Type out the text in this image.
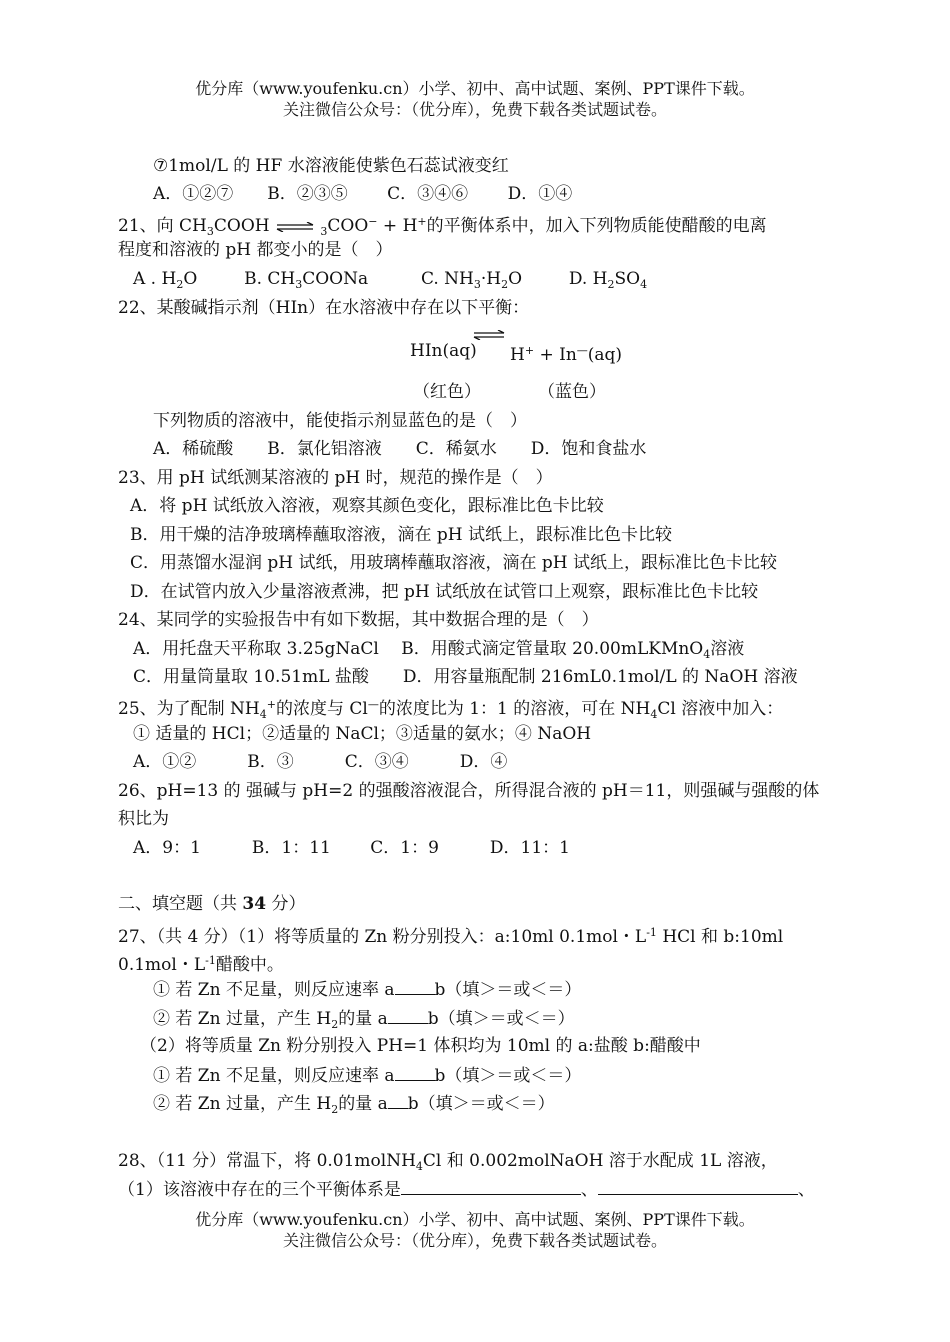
优分库（www.youfenku.cn）小学、初中、高中试题、案例、PPT课件下载。
关注微信公众号：（优分库），免费下载各类试题试卷。
⑦1mol/L 的 HF 水溶液能使紫色石蕊试液变红
A．①②⑦　　B．②③⑤　　 C．③④⑥　　 D．①④
21、向 $CH_3COOH$ ⇌ $_3$COO− + H+的平衡体系中，加入下列物质能使醋酸的电离
程度和溶液的 pH 都变小的是（　）
A . $H_2O$	B. $CH_3COONa$	C. $NH_3\cdot H_2O$	D. $H_2SO_4$
22、某酸碱指示剂（HIn）在水溶液中存在以下平衡：
HIn(aq) H+ + In—(aq)
（红色）	（蓝色）
下列物质的溶液中，能使指示剂显蓝色的是（　）
A．稀硫酸　　B．氯化铝溶液　　C．稀氨水　　D．饱和食盐水
23、用 pH 试纸测某溶液的 pH 时，规范的操作是（　）
A．将 pH 试纸放入溶液，观察其颜色变化，跟标准比色卡比较
B．用干燥的洁净玻璃棒蘸取溶液，滴在 pH 试纸上，跟标准比色卡比较
C．用蒸馏水湿润 pH 试纸，用玻璃棒蘸取溶液，滴在 pH 试纸上，跟标准比色卡比较
D．在试管内放入少量溶液煮沸，把 pH 试纸放在试管口上观察，跟标准比色卡比较
24、某同学的实验报告中有如下数据，其中数据合理的是（　）
A．用托盘天平称取 3.25gNaCl　 B．用酸式滴定管量取 20.00mLKMnO$_4$溶液
C．用量筒量取 10.51mL 盐酸　　D．用容量瓶配制 216mL0.1mol/L 的 NaOH 溶液
25、为了配制 $NH_4^+$的浓度与 Cl—的浓度比为 1：1 的溶液，可在 $NH_4Cl$ 溶液中加入：
① 适量的 HCl；②适量的 NaCl；③适量的氨水；④ NaOH
A．①②　　　B．③　　　C．③④　　　D．④
26、pH=13 的 强碱与 pH=2 的强酸溶液混合，所得混合液的 pH＝11，则强碱与强酸的体
积比为
A．9：1　　　B．1：11　　 C．1：9　　　D．11：1
二、填空题（共 34 分）
27、（共 4 分）（1）将等质量的 Zn 粉分别投入：a:10ml 0.1mol・$L^{-1}$ HCl 和 b:10ml
0.1mol・$L^{-1}$醋酸中。
① 若 Zn 不足量，则反应速率 a b（填＞＝或＜＝）
② 若 Zn 过量，产生 $H_2$的量 a b（填＞＝或＜＝）
（2）将等质量 Zn 粉分别投入 PH=1 体积均为 10ml 的 a:盐酸 b:醋酸中
① 若 Zn 不足量，则反应速率 a b（填＞＝或＜＝）
② 若 Zn 过量，产生 $H_2$的量 a b（填＞＝或＜＝）
28、（11 分）常温下，将 0.01molNH$_4$Cl 和 0.002molNaOH 溶于水配成 1L 溶液，
（1）该溶液中存在的三个平衡体系是	、	、
优分库（www.youfenku.cn）小学、初中、高中试题、案例、PPT课件下载。
关注微信公众号：（优分库），免费下载各类试题试卷。
